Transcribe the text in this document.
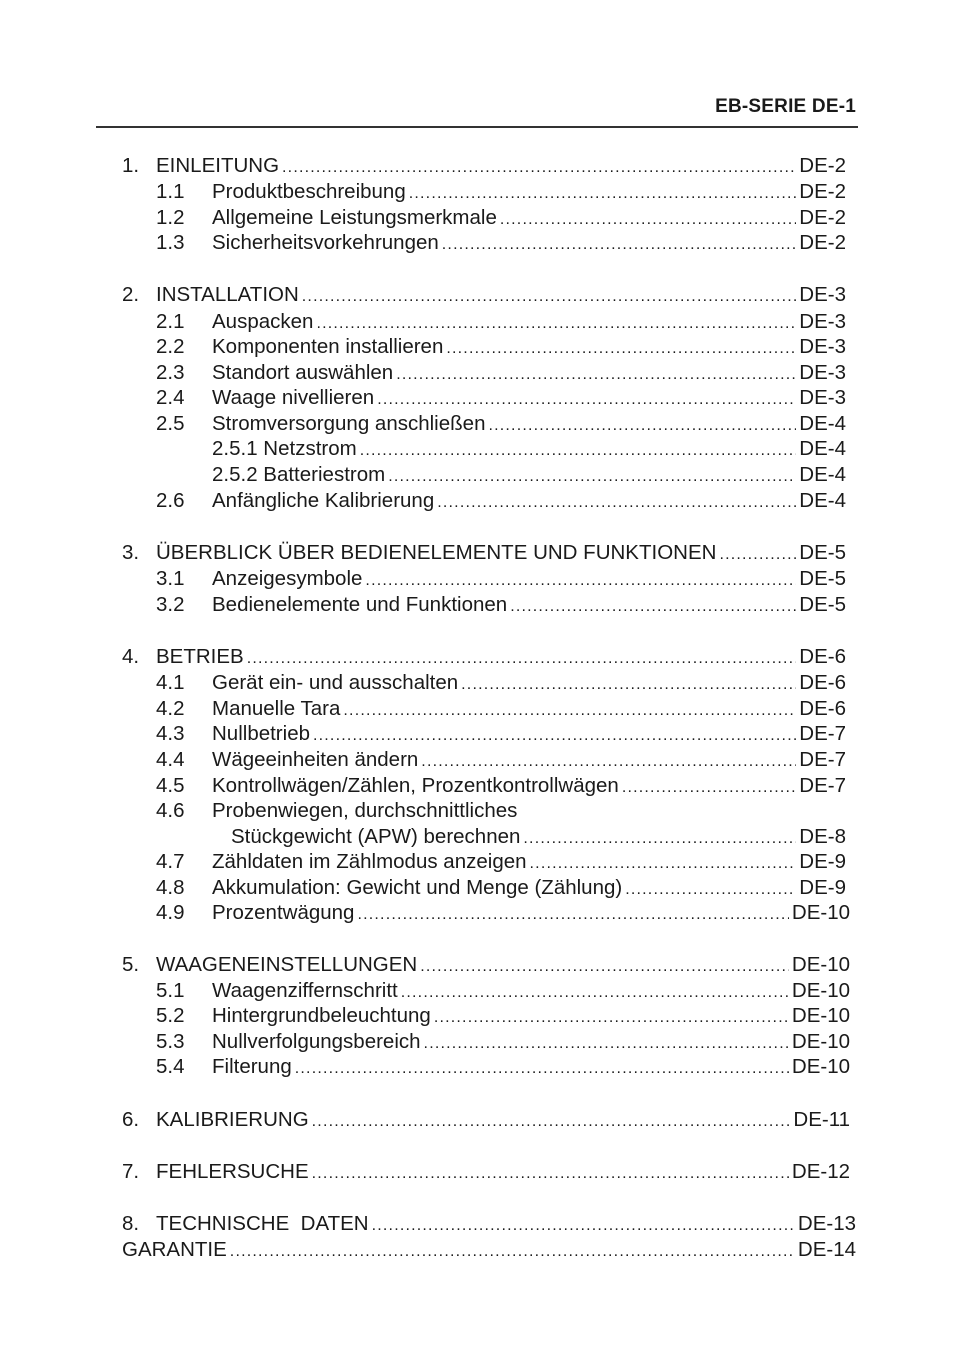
EB-SERIE DE-1
1. EINLEITUNG .....	DE-2
1.1	Produktbeschreibung .....	DE-2
1.2	Allgemeine Leistungsmerkmale .....	DE-2
1.3	Sicherheitsvorkehrungen .....	DE-2
2. INSTALLATION .....	DE-3
2.1	Auspacken .....	DE-3
2.2	Komponenten installieren .....	DE-3
2.3	Standort auswählen .....	DE-3
2.4	Waage nivellieren .....	DE-3
2.5	Stromversorgung anschließen .....	DE-4
2.5.1 Netzstrom .....	DE-4
2.5.2 Batteriestrom .....	DE-4
2.6	Anfängliche Kalibrierung .....	DE-4
3. ÜBERBLICK ÜBER BEDIENELEMENTE UND FUNKTIONEN .....	DE-5
3.1	Anzeigesymbole .....	DE-5
3.2	Bedienelemente und Funktionen .....	DE-5
4. BETRIEB .....	DE-6
4.1	Gerät ein- und ausschalten .....	DE-6
4.2	Manuelle Tara .....	DE-6
4.3	Nullbetrieb .....	DE-7
4.4	Wägeeinheiten ändern .....	DE-7
4.5	Kontrollwägen/Zählen, Prozentkontrollwägen .....	DE-7
4.6	Probenwiegen, durchschnittliches
Stückgewicht (APW) berechnen .....	DE-8
4.7	Zähldaten im Zählmodus anzeigen .....	DE-9
4.8	Akkumulation: Gewicht und Menge (Zählung) .....	DE-9
4.9	Prozentwägung .....	DE-10
5. WAAGENEINSTELLUNGEN .....	DE-10
5.1	Waagenziffernschritt .....	DE-10
5.2	Hintergrundbeleuchtung .....	DE-10
5.3	Nullverfolgungsbereich .....	DE-10
5.4	Filterung .....	DE-10
6. KALIBRIERUNG .....	DE-11
7. FEHLERSUCHE .....	DE-12
8. TECHNISCHE  DATEN .....	DE-13
GARANTIE .....	DE-14
